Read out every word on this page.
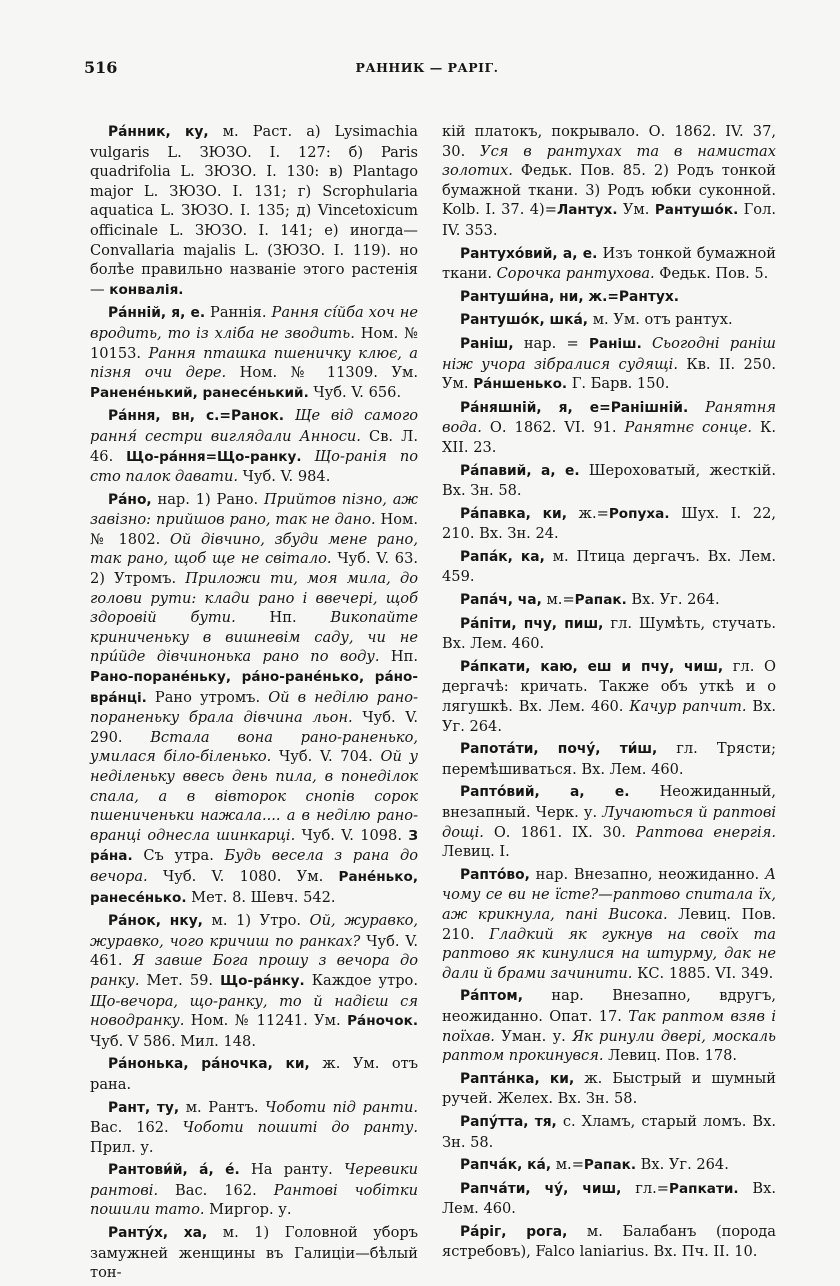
516	РАННИК — РАРІГ.

Ра́нник, ку, м. Раст. а) Lysimachia vulgaris L. ЗЮЗО. I. 127: б) Paris quadrifolia L. ЗЮЗО. I. 130: в) Plantago major L. ЗЮЗО. I. 131; г) Scrophularia aquatica L. ЗЮЗО. I. 135; д) Vincetoxicum officinale L. ЗЮЗО. I. 141; е) иногда— Convallaria majalis L. (ЗЮЗО. I. 119). но болѣе правильно названіе этого растенія— конвалія.

Ра́нній, я, е. Раннія. Рання сі́йба хоч не вродить, то із хліба не зводить. Ном. № 10153. Рання пташка пшеничку клює, а пізня очи дере. Ном. № 11309. Ум. Ранене́нький, ранесе́нький. Чуб. V. 656.

Ра́ння, вн, с.=Ранок. Ще від самого рання́ сестри виглядали Анноси. Св. Л. 46. Що-ра́ння=Що-ранку. Що-ранія по сто палок давати. Чуб. V. 984.

Ра́но, нар. 1) Рано. Прийтов пізно, аж завізно: прийшов рано, так не дано. Ном. № 1802. Ой дівчино, збуди мене рано, так рано, щоб ще не світало. Чуб. V. 63. 2) Утромъ. Приложи ти, моя мила, до голови рути: клади рано і ввечері, щоб здоровій бути. Нп. Викопайте криниченьку в вишневім саду, чи не при́йде дівчинонька рано по воду. Нп. Рано-поране́ньку, ра́но-ране́нько, ра́но-вра́нці. Рано утромъ. Ой в неділю рано-пораненьку брала дівчина льон. Чуб. V. 290. Встала вона рано-раненько, умилася біло-біленько. Чуб. V. 704. Ой у неділеньку ввесь день пила, в понеділок спала, а в вівторок снопів сорок пшениченьки нажала.... а в неділю рано-вранці однесла шинкарці. Чуб. V. 1098. З ра́на. Съ утра. Будь весела з рана до вечора. Чуб. V. 1080. Ум. Ране́нько, ранесе́нько. Мет. 8. Шевч. 542.

Ра́нок, нку, м. 1) Утро. Ой, журавко, журавко, чого кричиш по ранках? Чуб. V. 461. Я завше Бога прошу з вечора до ранку. Мет. 59. Що-ра́нку. Каждое утро. Що-вечора, що-ранку, то й надієш ся новодранку. Ном. № 11241. Ум. Ра́ночок. Чуб. V 586. Мил. 148.

Ра́нонька, ра́ночка, ки, ж. Ум. отъ рана.

Рант, ту, м. Рантъ. Чоботи під ранти. Вас. 162. Чоботи пошиті до ранту. Прил. у.

Рантови́й, а́, е́. На ранту. Черевики рантові. Вас. 162. Рантові чобітки пошили тато. Миргор. у.

Ранту́х, ха, м. 1) Головной уборъ замужней женщины въ Галиціи—бѣлый тон-

кій платокъ, покрывало. О. 1862. IV. 37, 30. Уся в рантухах та в намистах золотих. Федьк. Пов. 85. 2) Родъ тонкой бумажной ткани. 3) Родъ юбки суконной. Kolb. I. 37. 4)=Лантух. Ум. Рантушо́к. Гол. IV. 353.

Рантухо́вий, а, е. Изъ тонкой бумажной ткани. Сорочка рантухова. Федьк. Пов. 5.

Рантуши́на, ни, ж.=Рантух.

Рантушо́к, шка́, м. Ум. отъ рантух.

Раніш, нар. = Раніш. Сьогодні раніш ніж учора зібралися судящі. Кв. II. 250. Ум. Ра́ншенько. Г. Барв. 150.

Ра́няшній, я, е=Ранішній. Ранятня вода. О. 1862. VI. 91. Ранятнє сонце. К. XII. 23.

Ра́павий, а, е. Шероховатый, жесткій. Вх. Зн. 58.

Ра́павка, ки, ж.=Ропуха. Шух. I. 22, 210. Вх. Зн. 24.

Рапа́к, ка, м. Птица дергачъ. Вх. Лем. 459.

Рапа́ч, ча, м.=Рапак. Вх. Уг. 264.

Ра́піти, пчу, пиш, гл. Шумѣть, стучать. Вх. Лем. 460.

Ра́пкати, каю, еш и пчу, чиш, гл. О дергачѣ: кричать. Также объ уткѣ и о лягушкѣ. Вх. Лем. 460. Качур рапчит. Вх. Уг. 264.

Рапота́ти, почу́, ти́ш, гл. Трясти; перемѣшиваться. Вх. Лем. 460.

Рапто́вий, а, е. Неожиданный, внезапный. Черк. у. Лучаються й раптові дощі. О. 1861. IX. 30. Раптова енергія. Левиц. I.

Рапто́во, нар. Внезапно, неожиданно. А чому се ви не їсте?—раптово спитала їх, аж крикнула, пані Висока. Левиц. Пов. 210. Гладкий як гукнув на своїх та раптово як кинулися на штурму, дак не дали й брами зачинити. КС. 1885. VI. 349.

Ра́птом, нар. Внезапно, вдругъ, неожиданно. Опат. 17. Так раптом взяв і поїхав. Уман. у. Як ринули двері, москаль раптом прокинувся. Левиц. Пов. 178.

Рапта́нка, ки, ж. Быстрый и шумный ручей. Желех. Вх. Зн. 58.

Рапу́тта, тя, с. Хламъ, старый ломъ. Вх. Зн. 58.

Рапча́к, ка́, м.=Рапак. Вх. Уг. 264.

Рапча́ти, чу́, чиш, гл.=Рапкати. Вх. Лем. 460.

Ра́ріг, рога, м. Балабанъ (порода ястребовъ), Falco laniarius. Вх. Пч. II. 10.
